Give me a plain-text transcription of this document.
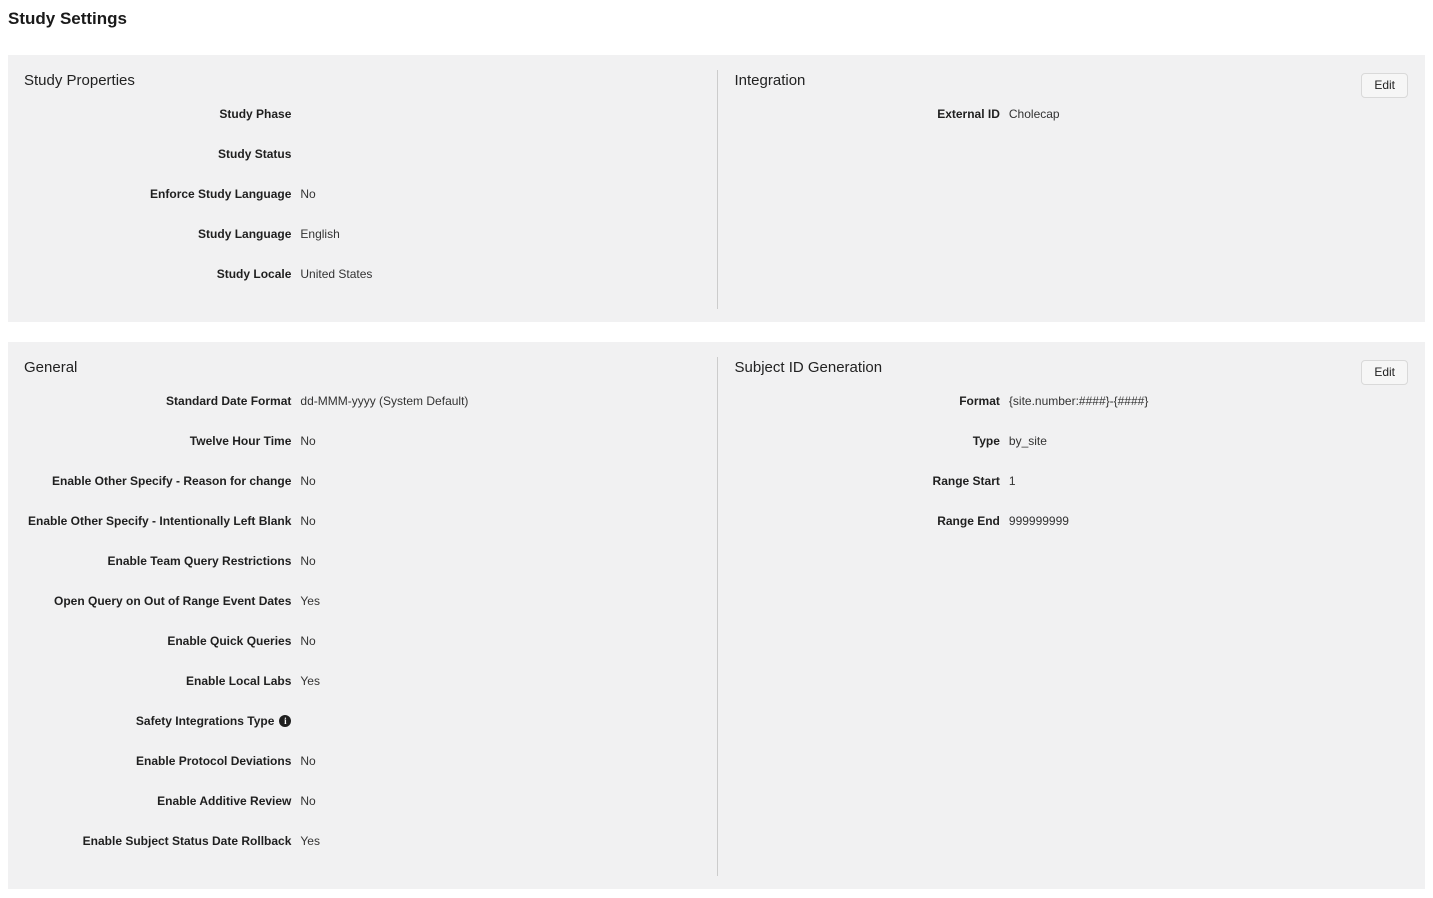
Study Settings
Edit
Study Properties
Study Phase
Study Status
Enforce Study Language No
Study Language English
Study Locale United States
Integration
External ID Cholecap
Edit
General
Standard Date Format dd-MMM-yyyy (System Default)
Twelve Hour Time No
Enable Other Specify - Reason for change No
Enable Other Specify - Intentionally Left Blank No
Enable Team Query Restrictions No
Open Query on Out of Range Event Dates Yes
Enable Quick Queries No
Enable Local Labs Yes
Safety Integrations Typei
Enable Protocol Deviations No
Enable Additive Review No
Enable Subject Status Date Rollback Yes
Subject ID Generation
Format {site.number:####}-{####}
Type by_site
Range Start 1
Range End 999999999
